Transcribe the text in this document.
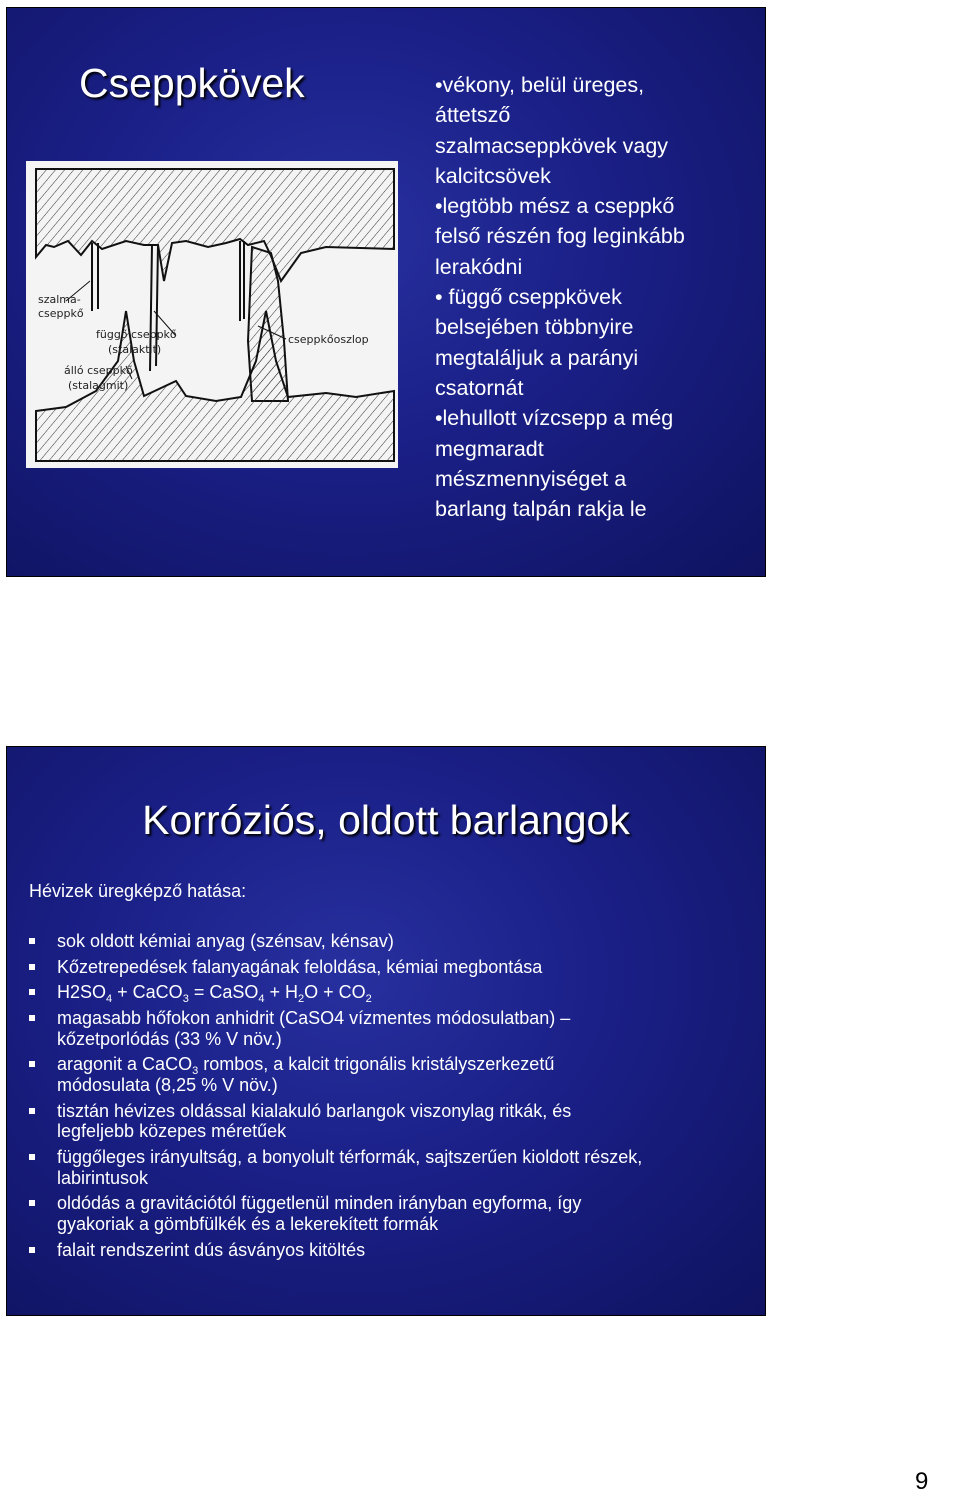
Cseppkövek
szalma-
cseppkő
függő cseppkő
(stalaktit)
álló cseppkő
(stalagmit)
cseppkőoszlop
•vékony, belül üreges,
áttetsző
szalmacseppkövek vagy
kalcitcsövek
•legtöbb mész a cseppkő
felső részén fog leginkább
lerakódni
• függő cseppkövek
belsejében többnyire
megtaláljuk a parányi
csatornát
•lehullott vízcsepp a még
megmaradt
mészmennyiséget a
barlang talpán rakja le
Korróziós, oldott barlangok
Hévizek üregképző hatása:
sok oldott kémiai anyag (szénsav, kénsav)
Kőzetrepedések falanyagának feloldása, kémiai megbontása
$H2SO_4$ + CaCO$_3$ = CaSO$_4$ + $H_2O + CO_2$
magasabb hőfokon anhidrit (CaSO4 vízmentes módosulatban) –
kőzetporlódás (33 % V növ.)
aragonit a CaCO$_3$ rombos, a kalcit trigonális kristályszerkezetű
módosulata (8,25 % V növ.)
tisztán hévizes oldással kialakuló barlangok viszonylag ritkák, és
legfeljebb közepes méretűek
függőleges irányultság, a bonyolult térformák, sajtszerűen kioldott részek,
labirintusok
oldódás a gravitációtól függetlenül minden irányban egyforma, így
gyakoriak a gömbfülkék és a lekerekített formák
falait rendszerint dús ásványos kitöltés
9
